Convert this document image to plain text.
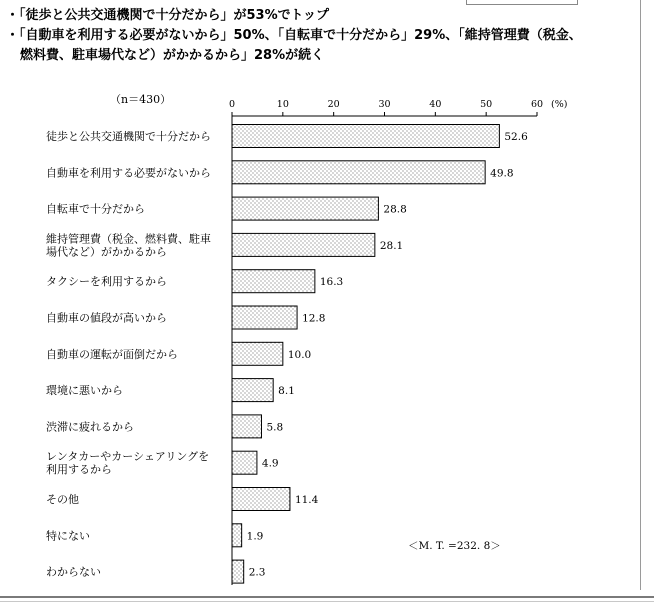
・「徒歩と公共交通機関で十分だから」が53%でトップ
・「自動車を利用する必要がないから」50%、「自転車で十分だから」29%、「維持管理費（税金、
燃料費、駐車場代など）がかかるから」28%が続く
（n＝430）	(%)
0	10	20	30	40	50	60
52.6
徒歩と公共交通機関で十分だから
49.8
自動車を利用する必要がないから
28.8
自転車で十分だから
28.1
維持管理費（税金、燃料費、駐車
場代など）がかかるから
16.3
タクシーを利用するから
12.8
自動車の値段が高いから
10.0
自動車の運転が面倒だから
8.1
環境に悪いから
5.8
渋滞に疲れるから
4.9
レンタカーやカーシェアリングを
利用するから
11.4
その他
1.9
特にない
2.3
わからない
＜M. T. =232. 8＞
